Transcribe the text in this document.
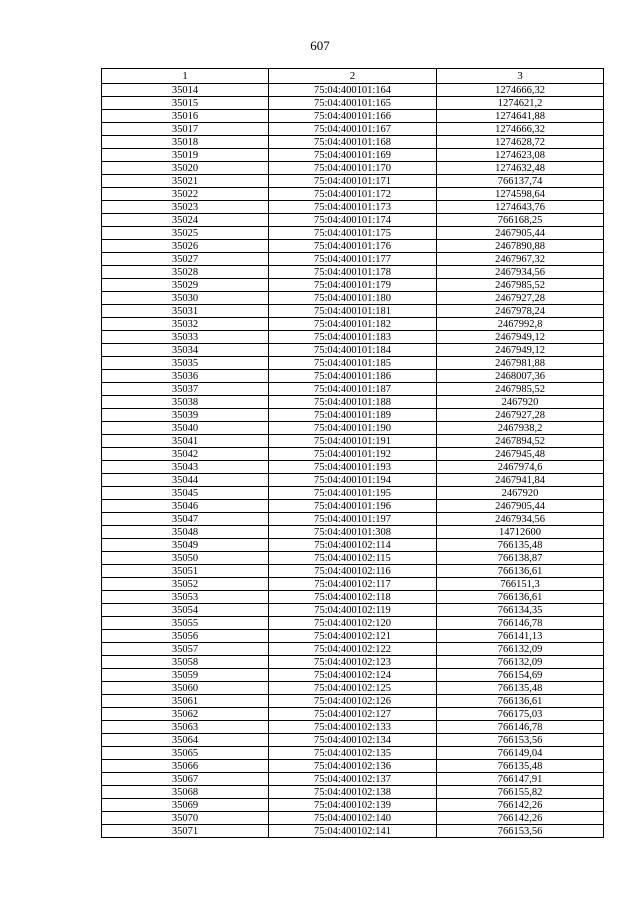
607
1	2	3
35014	75:04:400101:164	1274666,32
35015	75:04:400101:165	1274621,2
35016	75:04:400101:166	1274641,88
35017	75:04:400101:167	1274666,32
35018	75:04:400101:168	1274628,72
35019	75:04:400101:169	1274623,08
35020	75:04:400101:170	1274632,48
35021	75:04:400101:171	766137,74
35022	75:04:400101:172	1274598,64
35023	75:04:400101:173	1274643,76
35024	75:04:400101:174	766168,25
35025	75:04:400101:175	2467905,44
35026	75:04:400101:176	2467890,88
35027	75:04:400101:177	2467967,32
35028	75:04:400101:178	2467934,56
35029	75:04:400101:179	2467985,52
35030	75:04:400101:180	2467927,28
35031	75:04:400101:181	2467978,24
35032	75:04:400101:182	2467992,8
35033	75:04:400101:183	2467949,12
35034	75:04:400101:184	2467949,12
35035	75:04:400101:185	2467981,88
35036	75:04:400101:186	2468007,36
35037	75:04:400101:187	2467985,52
35038	75:04:400101:188	2467920
35039	75:04:400101:189	2467927,28
35040	75:04:400101:190	2467938,2
35041	75:04:400101:191	2467894,52
35042	75:04:400101:192	2467945,48
35043	75:04:400101:193	2467974,6
35044	75:04:400101:194	2467941,84
35045	75:04:400101:195	2467920
35046	75:04:400101:196	2467905,44
35047	75:04:400101:197	2467934,56
35048	75:04:400101:308	14712600
35049	75:04:400102:114	766135,48
35050	75:04:400102:115	766138,87
35051	75:04:400102:116	766136,61
35052	75:04:400102:117	766151,3
35053	75:04:400102:118	766136,61
35054	75:04:400102:119	766134,35
35055	75:04:400102:120	766146,78
35056	75:04:400102:121	766141,13
35057	75:04:400102:122	766132,09
35058	75:04:400102:123	766132,09
35059	75:04:400102:124	766154,69
35060	75:04:400102:125	766135,48
35061	75:04:400102:126	766136,61
35062	75:04:400102:127	766175,03
35063	75:04:400102:133	766146,78
35064	75:04:400102:134	766153,56
35065	75:04:400102:135	766149,04
35066	75:04:400102:136	766135,48
35067	75:04:400102:137	766147,91
35068	75:04:400102:138	766155,82
35069	75:04:400102:139	766142,26
35070	75:04:400102:140	766142,26
35071	75:04:400102:141	766153,56
